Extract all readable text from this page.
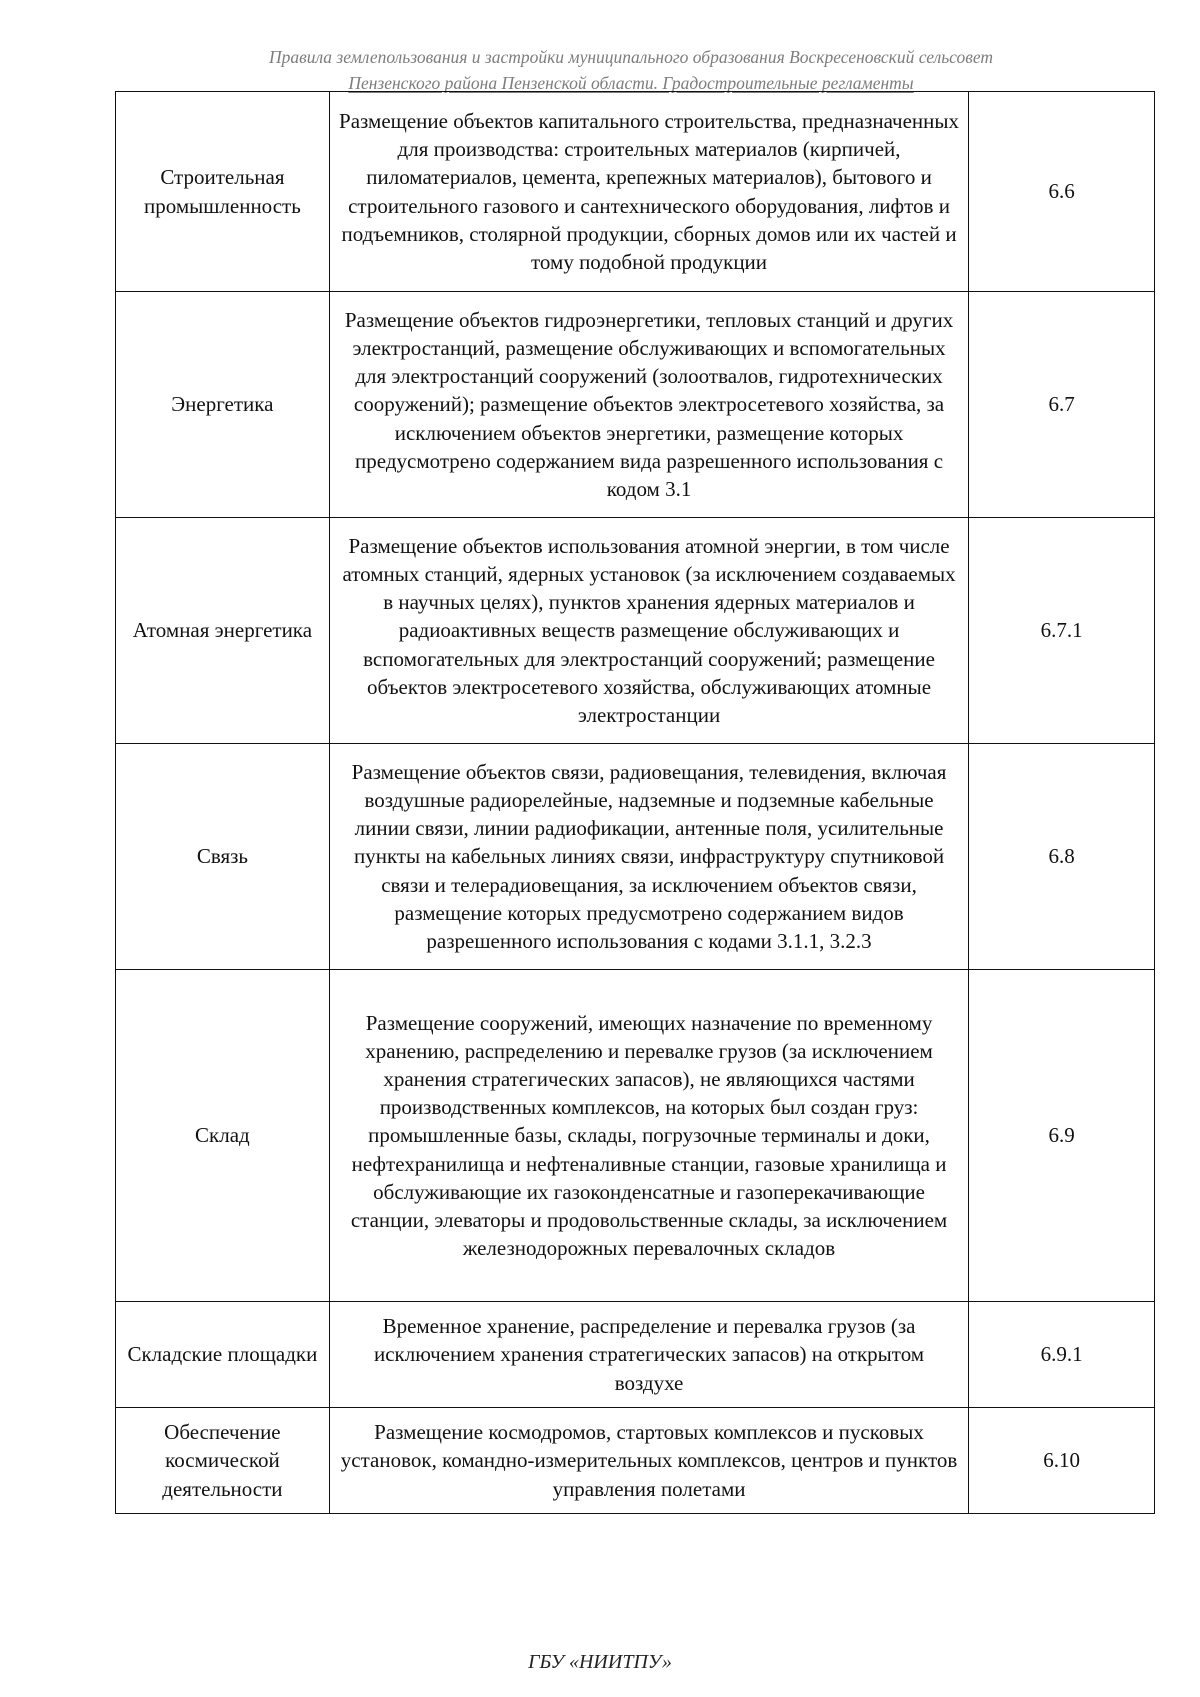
Правила землепользования и застройки муниципального образования Воскресеновский сельсовет
Пензенского района Пензенской области. Градостроительные регламенты
Строительная промышленность	Размещение объектов капитального строительства, предназначенных для производства: строительных материалов (кирпичей, пиломатериалов, цемента, крепежных материалов), бытового и строительного газового и сантехнического оборудования, лифтов и подъемников, столярной продукции, сборных домов или их частей и тому подобной продукции	6.6
Энергетика	Размещение объектов гидроэнергетики, тепловых станций и других электростанций, размещение обслуживающих и вспомогательных для электростанций сооружений (золоотвалов, гидротехнических сооружений); размещение объектов электросетевого хозяйства, за исключением объектов энергетики, размещение которых предусмотрено содержанием вида разрешенного использования с кодом 3.1	6.7
Атомная энергетика	Размещение объектов использования атомной энергии, в том числе атомных станций, ядерных установок (за исключением создаваемых в научных целях), пунктов хранения ядерных материалов и радиоактивных веществ размещение обслуживающих и вспомогательных для электростанций сооружений; размещение объектов электросетевого хозяйства, обслуживающих атомные электростанции	6.7.1
Связь	Размещение объектов связи, радиовещания, телевидения, включая воздушные радиорелейные, надземные и подземные кабельные линии связи, линии радиофикации, антенные поля, усилительные пункты на кабельных линиях связи, инфраструктуру спутниковой связи и телерадиовещания, за исключением объектов связи, размещение которых предусмотрено содержанием видов разрешенного использования с кодами 3.1.1, 3.2.3	6.8
Склад	Размещение сооружений, имеющих назначение по временному хранению, распределению и перевалке грузов (за исключением хранения стратегических запасов), не являющихся частями производственных комплексов, на которых был создан груз: промышленные базы, склады, погрузочные терминалы и доки, нефтехранилища и нефтеналивные станции, газовые хранилища и обслуживающие их газоконденсатные и газоперекачивающие станции, элеваторы и продовольственные склады, за исключением железнодорожных перевалочных складов	6.9
Складские площадки	Временное хранение, распределение и перевалка грузов (за исключением хранения стратегических запасов) на открытом воздухе	6.9.1
Обеспечение космической деятельности	Размещение космодромов, стартовых комплексов и пусковых установок, командно-измерительных комплексов, центров и пунктов управления полетами	6.10
ГБУ «НИИТПУ»
